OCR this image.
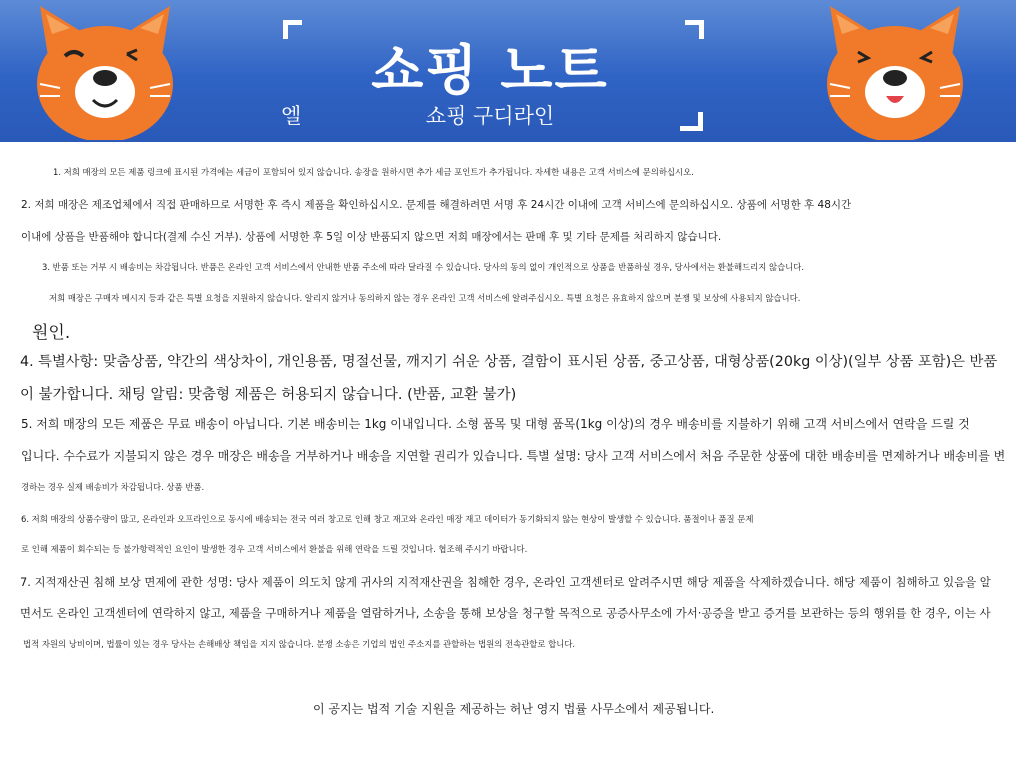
쇼핑 노트
엘	쇼핑 구디라인
1. 저희 매장의 모든 제품 링크에 표시된 가격에는 세금이 포함되어 있지 않습니다. 송장을 원하시면 추가 세금 포인트가 추가됩니다. 자세한 내용은 고객 서비스에 문의하십시오.
2. 저희 매장은 제조업체에서 직접 판매하므로 서명한 후 즉시 제품을 확인하십시오. 문제를 해결하려면 서명 후 24시간 이내에 고객 서비스에 문의하십시오. 상품에 서명한 후 48시간
이내에 상품을 반품해야 합니다(결제 수신 거부). 상품에 서명한 후 5일 이상 반품되지 않으면 저희 매장에서는 판매 후 및 기타 문제를 처리하지 않습니다.
3. 반품 또는 거부 시 배송비는 차감됩니다. 반품은 온라인 고객 서비스에서 안내한 반품 주소에 따라 달라질 수 있습니다. 당사의 동의 없이 개인적으로 상품을 반품하실 경우, 당사에서는 환불해드리지 않습니다.
저희 매장은 구매자 메시지 등과 같은 특별 요청을 지원하지 않습니다. 알리지 않거나 동의하지 않는 경우 온라인 고객 서비스에 알려주십시오. 특별 요청은 유효하지 않으며 분쟁 및 보상에 사용되지 않습니다.
원인.
4. 특별사항: 맞춤상품, 약간의 색상차이, 개인용품, 명절선물, 깨지기 쉬운 상품, 결함이 표시된 상품, 중고상품, 대형상품(20kg 이상)(일부 상품 포함)은 반품
이 불가합니다. 채팅 알림: 맞춤형 제품은 허용되지 않습니다. (반품, 교환 불가)
5. 저희 매장의 모든 제품은 무료 배송이 아닙니다. 기본 배송비는 1kg 이내입니다. 소형 품목 및 대형 품목(1kg 이상)의 경우 배송비를 지불하기 위해 고객 서비스에서 연락을 드릴 것
입니다. 수수료가 지불되지 않은 경우 매장은 배송을 거부하거나 배송을 지연할 권리가 있습니다. 특별 설명: 당사 고객 서비스에서 처음 주문한 상품에 대한 배송비를 면제하거나 배송비를 변
경하는 경우 실제 배송비가 차감됩니다. 상품 반품.
6. 저희 매장의 상품수량이 많고, 온라인과 오프라인으로 동시에 배송되는 전국 여러 창고로 인해 창고 재고와 온라인 매장 재고 데이터가 동기화되지 않는 현상이 발생할 수 있습니다. 품절이나 품질 문제
로 인해 제품이 회수되는 등 불가항력적인 요인이 발생한 경우 고객 서비스에서 환불을 위해 연락을 드릴 것입니다. 협조해 주시기 바랍니다.
7. 지적재산권 침해 보상 면제에 관한 성명: 당사 제품이 의도치 않게 귀사의 지적재산권을 침해한 경우, 온라인 고객센터로 알려주시면 해당 제품을 삭제하겠습니다. 해당 제품이 침해하고 있음을 알
면서도 온라인 고객센터에 연락하지 않고, 제품을 구매하거나 제품을 열람하거나, 소송을 통해 보상을 청구할 목적으로 공증사무소에 가서·공증을 받고 증거를 보관하는 등의 행위를 한 경우, 이는 사
법적 자원의 낭비이며, 법률이 있는 경우 당사는 손해배상 책임을 지지 않습니다. 분쟁 소송은 기업의 법인 주소지를 관할하는 법원의 전속관할로 합니다.
이 공지는 법적 기술 지원을 제공하는 허난 영지 법률 사무소에서 제공됩니다.
